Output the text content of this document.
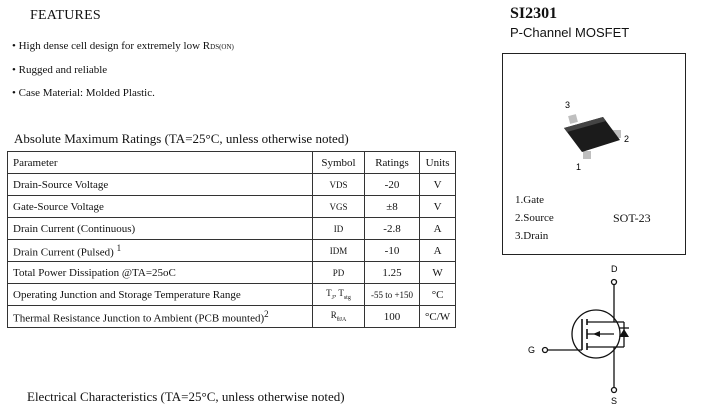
FEATURES
• High dense cell design for extremely low RDS(ON)
• Rugged and reliable
• Case Material: Molded Plastic.
SI2301
P-Channel MOSFET
3
2
1
1.Gate
2.Source
3.Drain
SOT-23
Absolute Maximum Ratings (TA=25°C, unless otherwise noted)
Parameter	Symbol	Ratings	Units
Drain-Source Voltage	VDS	-20	V
Gate-Source Voltage	VGS	±8	V
Drain Current (Continuous)	ID	-2.8	A
Drain Current (Pulsed) $^1$	IDM	-10	A
Total Power Dissipation @TA=25oC	PD	1.25	W
Operating Junction and Storage Temperature Range	$T_J$, $T_{stg}$	-55 to +150	°C
Thermal Resistance Junction to Ambient (PCB mounted)$^2$	$R_{\theta JA}$	100	°C/W
D
S
G
Electrical Characteristics (TA=25°C, unless otherwise noted)
